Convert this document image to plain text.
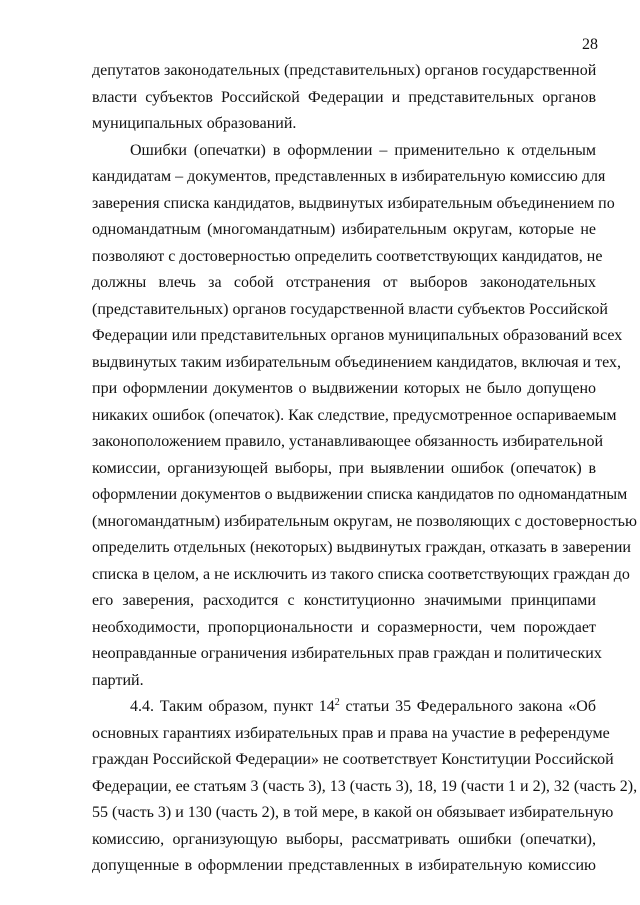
28
депутатов законодательных (представительных) органов государственной
власти субъектов Российской Федерации и представительных органов
муниципальных образований.
Ошибки (опечатки) в оформлении – применительно к отдельным
кандидатам – документов, представленных в избирательную комиссию для
заверения списка кандидатов, выдвинутых избирательным объединением по
одномандатным (многомандатным) избирательным округам, которые не
позволяют с достоверностью определить соответствующих кандидатов, не
должны влечь за собой отстранения от выборов законодательных
(представительных) органов государственной власти субъектов Российской
Федерации или представительных органов муниципальных образований всех
выдвинутых таким избирательным объединением кандидатов, включая и тех,
при оформлении документов о выдвижении которых не было допущено
никаких ошибок (опечаток). Как следствие, предусмотренное оспариваемым
законоположением правило, устанавливающее обязанность избирательной
комиссии, организующей выборы, при выявлении ошибок (опечаток) в
оформлении документов о выдвижении списка кандидатов по одномандатным
(многомандатным) избирательным округам, не позволяющих с достоверностью
определить отдельных (некоторых) выдвинутых граждан, отказать в заверении
списка в целом, а не исключить из такого списка соответствующих граждан до
его заверения, расходится с конституционно значимыми принципами
необходимости, пропорциональности и соразмерности, чем порождает
неоправданные ограничения избирательных прав граждан и политических
партий.
4.4. Таким образом, пункт $14^2$ статьи 35 Федерального закона «Об
основных гарантиях избирательных прав и права на участие в референдуме
граждан Российской Федерации» не соответствует Конституции Российской
Федерации, ее статьям 3 (часть 3), 13 (часть 3), 18, 19 (части 1 и 2), 32 (часть 2),
55 (часть 3) и 130 (часть 2), в той мере, в какой он обязывает избирательную
комиссию, организующую выборы, рассматривать ошибки (опечатки),
допущенные в оформлении представленных в избирательную комиссию
